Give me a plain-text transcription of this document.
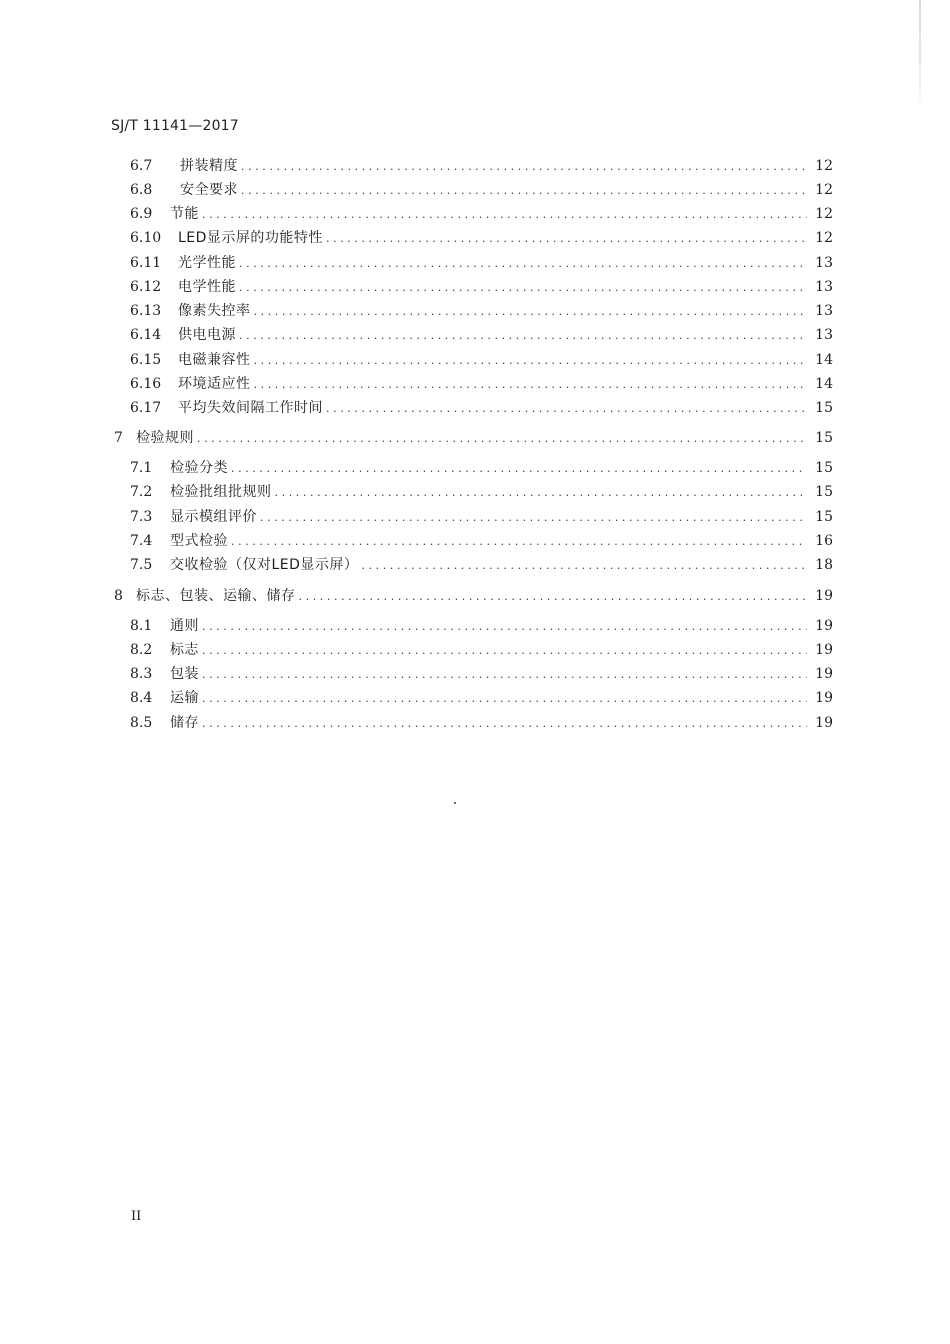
SJ/T 11141—2017
6.7	拼装精度 .....	12
6.8	安全要求 .....	12
6.9	节能 .....	12
6.10	LED显示屏的功能特性 .....	12
6.11	光学性能 .....	13
6.12	电学性能 .....	13
6.13	像素失控率 .....	13
6.14	供电电源 .....	13
6.15	电磁兼容性 .....	14
6.16	环境适应性 .....	14
6.17	平均失效间隔工作时间 .....	15
7 检验规则 .....	15
7.1	检验分类 .....	15
7.2	检验批组批规则 .....	15
7.3	显示模组评价 .....	15
7.4	型式检验 .....	16
7.5	交收检验（仅对LED显示屏） .....	18
8 标志、包装、运输、储存 .....	19
8.1	通则 .....	19
8.2	标志 .....	19
8.3	包装 .....	19
8.4	运输 .....	19
8.5	储存 .....	19
II
